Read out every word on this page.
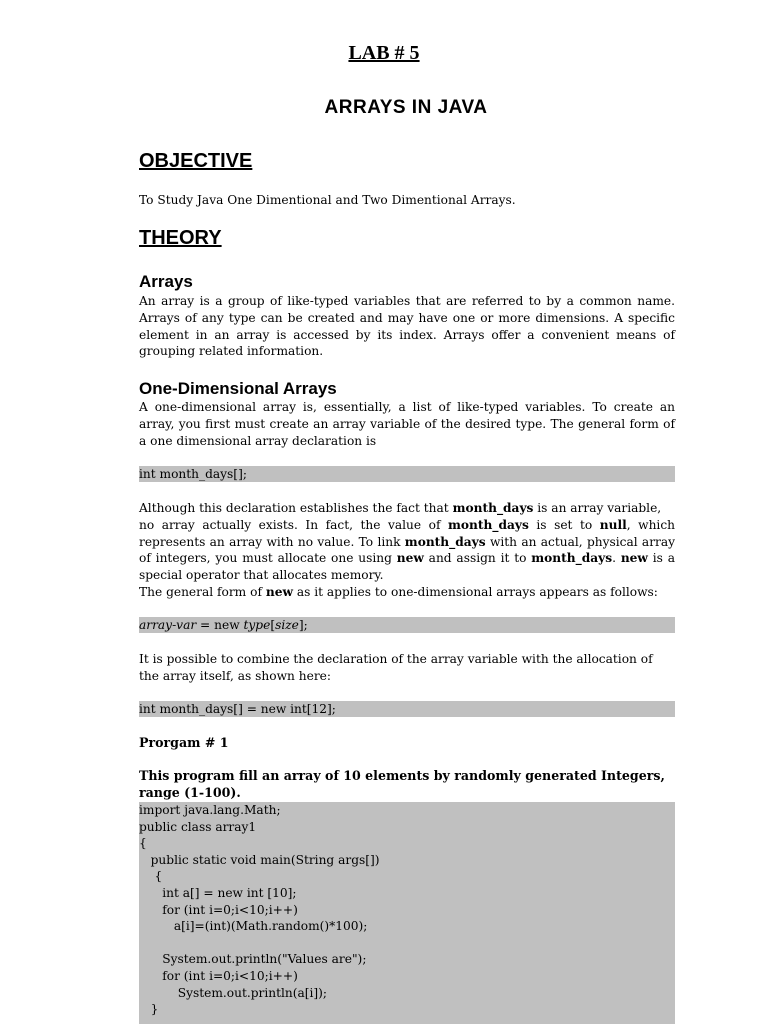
LAB # 5
ARRAYS IN JAVA
OBJECTIVE
To Study Java One Dimentional and Two Dimentional Arrays.
THEORY
Arrays
An array is a group of like-typed variables that are referred to by a common name. Arrays of any type can be created and may have one or more dimensions. A specific element in an array is accessed by its index. Arrays offer a convenient means of grouping related information.
One-Dimensional Arrays
A one-dimensional array is, essentially, a list of like-typed variables. To create an array, you first must create an array variable of the desired type. The general form of a one dimensional array declaration is
int month_days[];

Although this declaration establishes the fact that month_days is an array variable,

no array actually exists. In fact, the value of month_days is set to null, which represents an array with no value. To link month_days with an actual, physical array of integers, you must allocate one using new and assign it to month_days. new is a special operator that allocates memory.

The general form of new as it applies to one-dimensional arrays appears as follows:

array-var = new type[size];
It is possible to combine the declaration of the array variable with the allocation of the array itself, as shown here:
int month_days[] = new int[12];
Prorgam # 1
This program fill an array of 10 elements by randomly generated Integers, range (1-100).
import java.lang.Math;
public class array1
{
public static void main(String args[])
{
int a[] = new int [10];
for (int i=0;i<10;i++)
a[i]=(int)(Math.random()*100);
System.out.println("Values are");
for (int i=0;i<10;i++)
System.out.println(a[i]);
}
